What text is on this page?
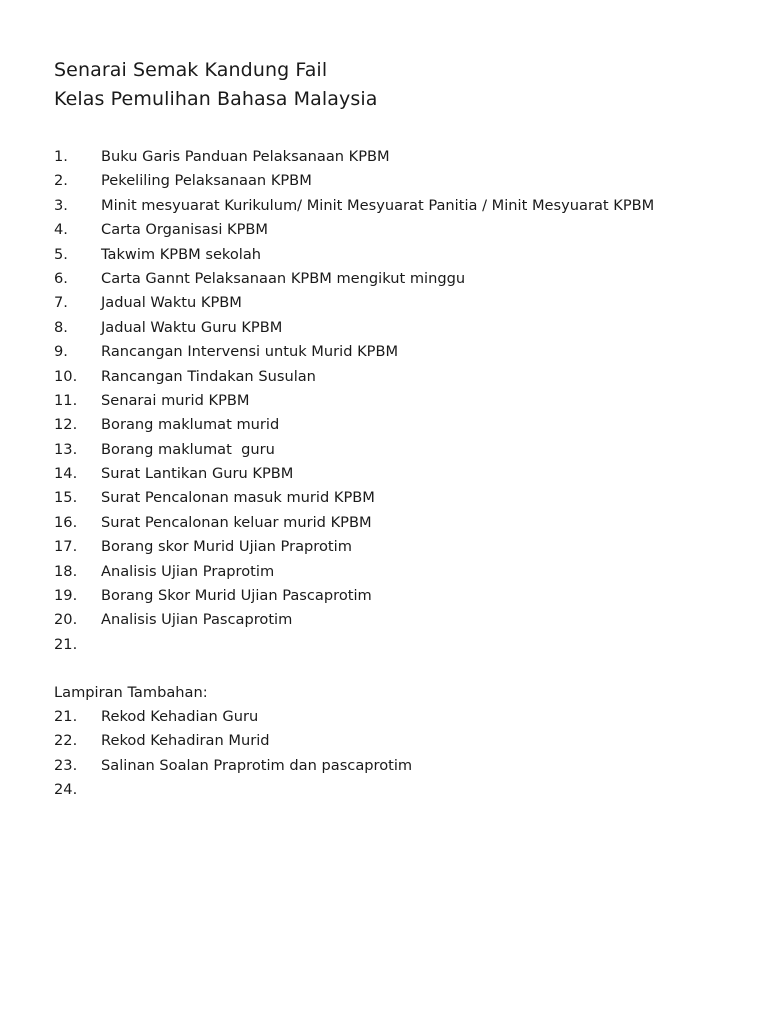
Senarai Semak Kandung Fail
Kelas Pemulihan Bahasa Malaysia
1. Buku Garis Panduan Pelaksanaan KPBM
2. Pekeliling Pelaksanaan KPBM
3. Minit mesyuarat Kurikulum/ Minit Mesyuarat Panitia / Minit Mesyuarat KPBM
4. Carta Organisasi KPBM
5. Takwim KPBM sekolah
6. Carta Gannt Pelaksanaan KPBM mengikut minggu
7. Jadual Waktu KPBM
8. Jadual Waktu Guru KPBM
9. Rancangan Intervensi untuk Murid KPBM
10. Rancangan Tindakan Susulan
11. Senarai murid KPBM
12. Borang maklumat murid
13. Borang maklumat  guru
14. Surat Lantikan Guru KPBM
15. Surat Pencalonan masuk murid KPBM
16. Surat Pencalonan keluar murid KPBM
17. Borang skor Murid Ujian Praprotim
18. Analisis Ujian Praprotim
19. Borang Skor Murid Ujian Pascaprotim
20. Analisis Ujian Pascaprotim
21.
Lampiran Tambahan:
21. Rekod Kehadian Guru
22. Rekod Kehadiran Murid
23. Salinan Soalan Praprotim dan pascaprotim
24.
